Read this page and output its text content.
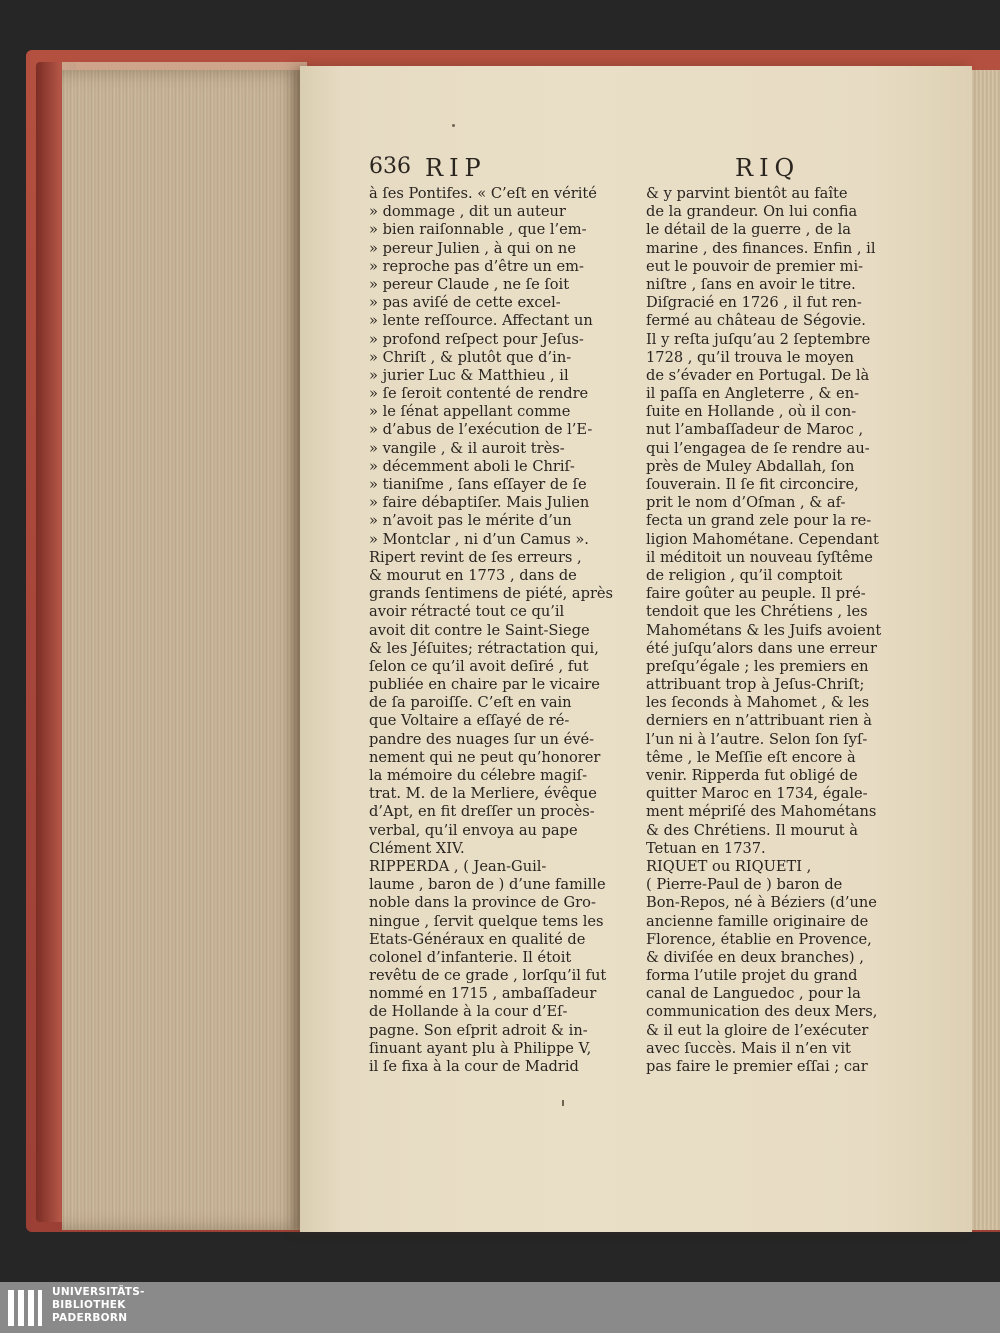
636 RIP	RIQ
à ſes Pontifes. « C’eſt en vérité
» dommage , dit un auteur
» bien raiſonnable , que l’em-
» pereur Julien , à qui on ne
» reproche pas d’être un em-
» pereur Claude , ne ſe ſoit
» pas aviſé de cette excel-
» lente reſſource. Affectant un
» profond reſpect pour Jeſus-
» Chriſt , & plutôt que d’in-
» jurier Luc & Matthieu , il
» ſe ſeroit contenté de rendre
» le ſénat appellant comme
» d’abus de l’exécution de l’E-
» vangile , & il auroit très-
» décemment aboli le Chriſ-
» tianiſme , ſans eſſayer de ſe
» faire débaptiſer. Mais Julien
» n’avoit pas le mérite d’un
» Montclar , ni d’un Camus ».
Ripert revint de ſes erreurs ,
& mourut en 1773 , dans de
grands ſentimens de piété, après
avoir rétracté tout ce qu’il
avoit dit contre le Saint-Siege
& les Jéſuites; rétractation qui,
ſelon ce qu’il avoit deſiré , fut
publiée en chaire par le vicaire
de ſa paroiſſe. C’eſt en vain
que Voltaire a eſſayé de ré-
pandre des nuages ſur un évé-
nement qui ne peut qu’honorer
la mémoire du célebre magiſ-
trat. M. de la Merliere, évêque
d’Apt, en fit dreſſer un procès-
verbal, qu’il envoya au pape
Clément XIV.
RIPPERDA , ( Jean-Guil-
laume , baron de ) d’une famille
noble dans la province de Gro-
ningue , ſervit quelque tems les
Etats-Généraux en qualité de
colonel d’infanterie. Il étoit
revêtu de ce grade , lorſqu’il fut
nommé en 1715 , ambaſſadeur
de Hollande à la cour d’Eſ-
pagne. Son eſprit adroit & in-
ſinuant ayant plu à Philippe V,
il ſe fixa à la cour de Madrid
& y parvint bientôt au faîte
de la grandeur. On lui confia
le détail de la guerre , de la
marine , des finances. Enfin , il
eut le pouvoir de premier mi-
niſtre , ſans en avoir le titre.
Diſgracié en 1726 , il fut ren-
fermé au château de Ségovie.
Il y reſta juſqu’au 2 ſeptembre
1728 , qu’il trouva le moyen
de s’évader en Portugal. De là
il paſſa en Angleterre , & en-
ſuite en Hollande , où il con-
nut l’ambaſſadeur de Maroc ,
qui l’engagea de ſe rendre au-
près de Muley Abdallah, ſon
ſouverain. Il ſe fit circoncire,
prit le nom d’Oſman , & af-
fecta un grand zele pour la re-
ligion Mahométane. Cependant
il méditoit un nouveau ſyſtême
de religion , qu’il comptoit
faire goûter au peuple. Il pré-
tendoit que les Chrétiens , les
Mahométans & les Juifs avoient
été juſqu’alors dans une erreur
preſqu’égale ; les premiers en
attribuant trop à Jeſus-Chriſt;
les ſeconds à Mahomet , & les
derniers en n’attribuant rien à
l’un ni à l’autre. Selon ſon ſyſ-
tême , le Meſſie eſt encore à
venir. Ripperda fut obligé de
quitter Maroc en 1734, égale-
ment mépriſé des Mahométans
& des Chrétiens. Il mourut à
Tetuan en 1737.
RIQUET ou RIQUETI ,
( Pierre-Paul de ) baron de
Bon-Repos, né à Béziers (d’une
ancienne famille originaire de
Florence, établie en Provence,
& diviſée en deux branches) ,
forma l’utile projet du grand
canal de Languedoc , pour la
communication des deux Mers,
& il eut la gloire de l’exécuter
avec ſuccès. Mais il n’en vit
pas faire le premier eſſai ; car
UNIVERSITÄTS-
BIBLIOTHEK
PADERBORN
